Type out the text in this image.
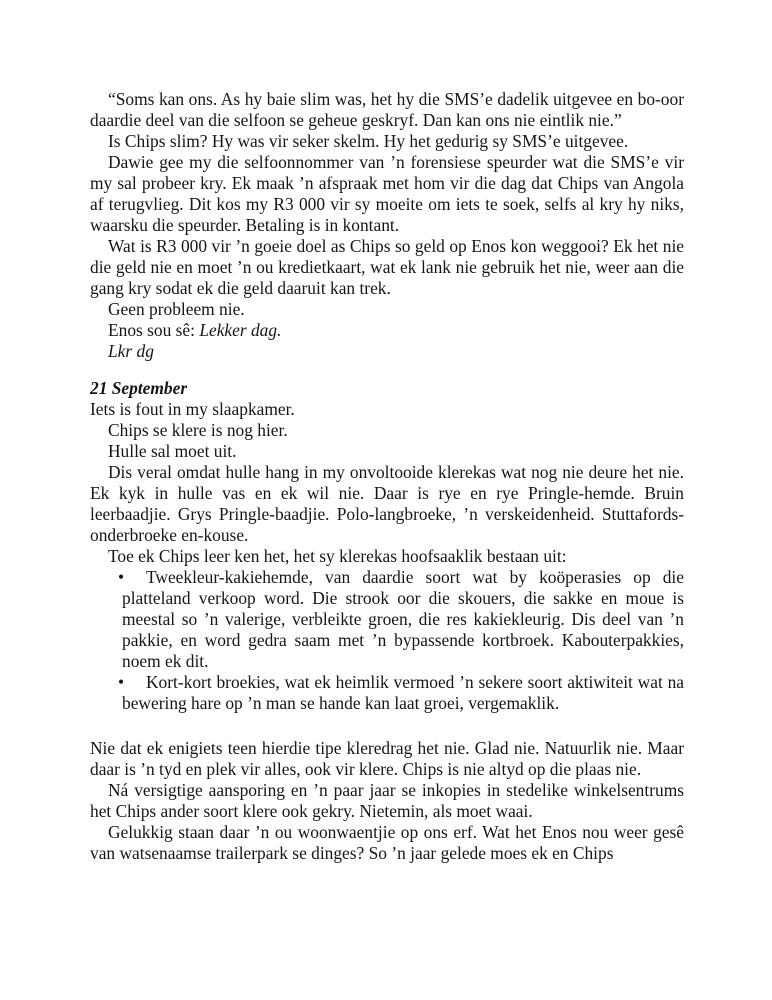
“Soms kan ons. As hy baie slim was, het hy die SMS’e dadelik uitgevee en bo-oor daardie deel van die selfoon se geheue geskryf. Dan kan ons nie eintlik nie.”

Is Chips slim? Hy was vir seker skelm. Hy het gedurig sy SMS’e uitgevee.

Dawie gee my die selfoonnommer van ’n forensiese speurder wat die SMS’e vir my sal probeer kry. Ek maak ’n afspraak met hom vir die dag dat Chips van Angola af terugvlieg. Dit kos my R3 000 vir sy moeite om iets te soek, selfs al kry hy niks, waarsku die speurder. Betaling is in kontant.

Wat is R3 000 vir ’n goeie doel as Chips so geld op Enos kon weggooi? Ek het nie die geld nie en moet ’n ou kredietkaart, wat ek lank nie gebruik het nie, weer aan die gang kry sodat ek die geld daaruit kan trek.

Geen probleem nie.

Enos sou sê: Lekker dag.

Lkr dg

21 September

Iets is fout in my slaapkamer.

Chips se klere is nog hier.

Hulle sal moet uit.

Dis veral omdat hulle hang in my onvoltooide klerekas wat nog nie deure het nie. Ek kyk in hulle vas en ek wil nie. Daar is rye en rye Pringle-hemde. Bruin leerbaadjie. Grys Pringle-baadjie. Polo-langbroeke, ’n verskeidenheid. Stuttafords-onderbroeke en-kouse.

Toe ek Chips leer ken het, het sy klerekas hoofsaaklik bestaan uit:

• Tweekleur-kakiehemde, van daardie soort wat by koöperasies op die platteland verkoop word. Die strook oor die skouers, die sakke en moue is meestal so ’n valerige, verbleikte groen, die res kakiekleurig. Dis deel van ’n pakkie, en word gedra saam met ’n bypassende kortbroek. Kabouterpakkies, noem ek dit.
• Kort-kort broekies, wat ek heimlik vermoed ’n sekere soort aktiwiteit wat na bewering hare op ’n man se hande kan laat groei, vergemaklik.

Nie dat ek enigiets teen hierdie tipe kleredrag het nie. Glad nie. Natuurlik nie. Maar daar is ’n tyd en plek vir alles, ook vir klere. Chips is nie altyd op die plaas nie.

Ná versigtige aansporing en ’n paar jaar se inkopies in stedelike winkelsentrums het Chips ander soort klere ook gekry. Nietemin, als moet waai.

Gelukkig staan daar ’n ou woonwaentjie op ons erf. Wat het Enos nou weer gesê van watsenaamse trailerpark se dinges? So ’n jaar gelede moes ek en Chips
